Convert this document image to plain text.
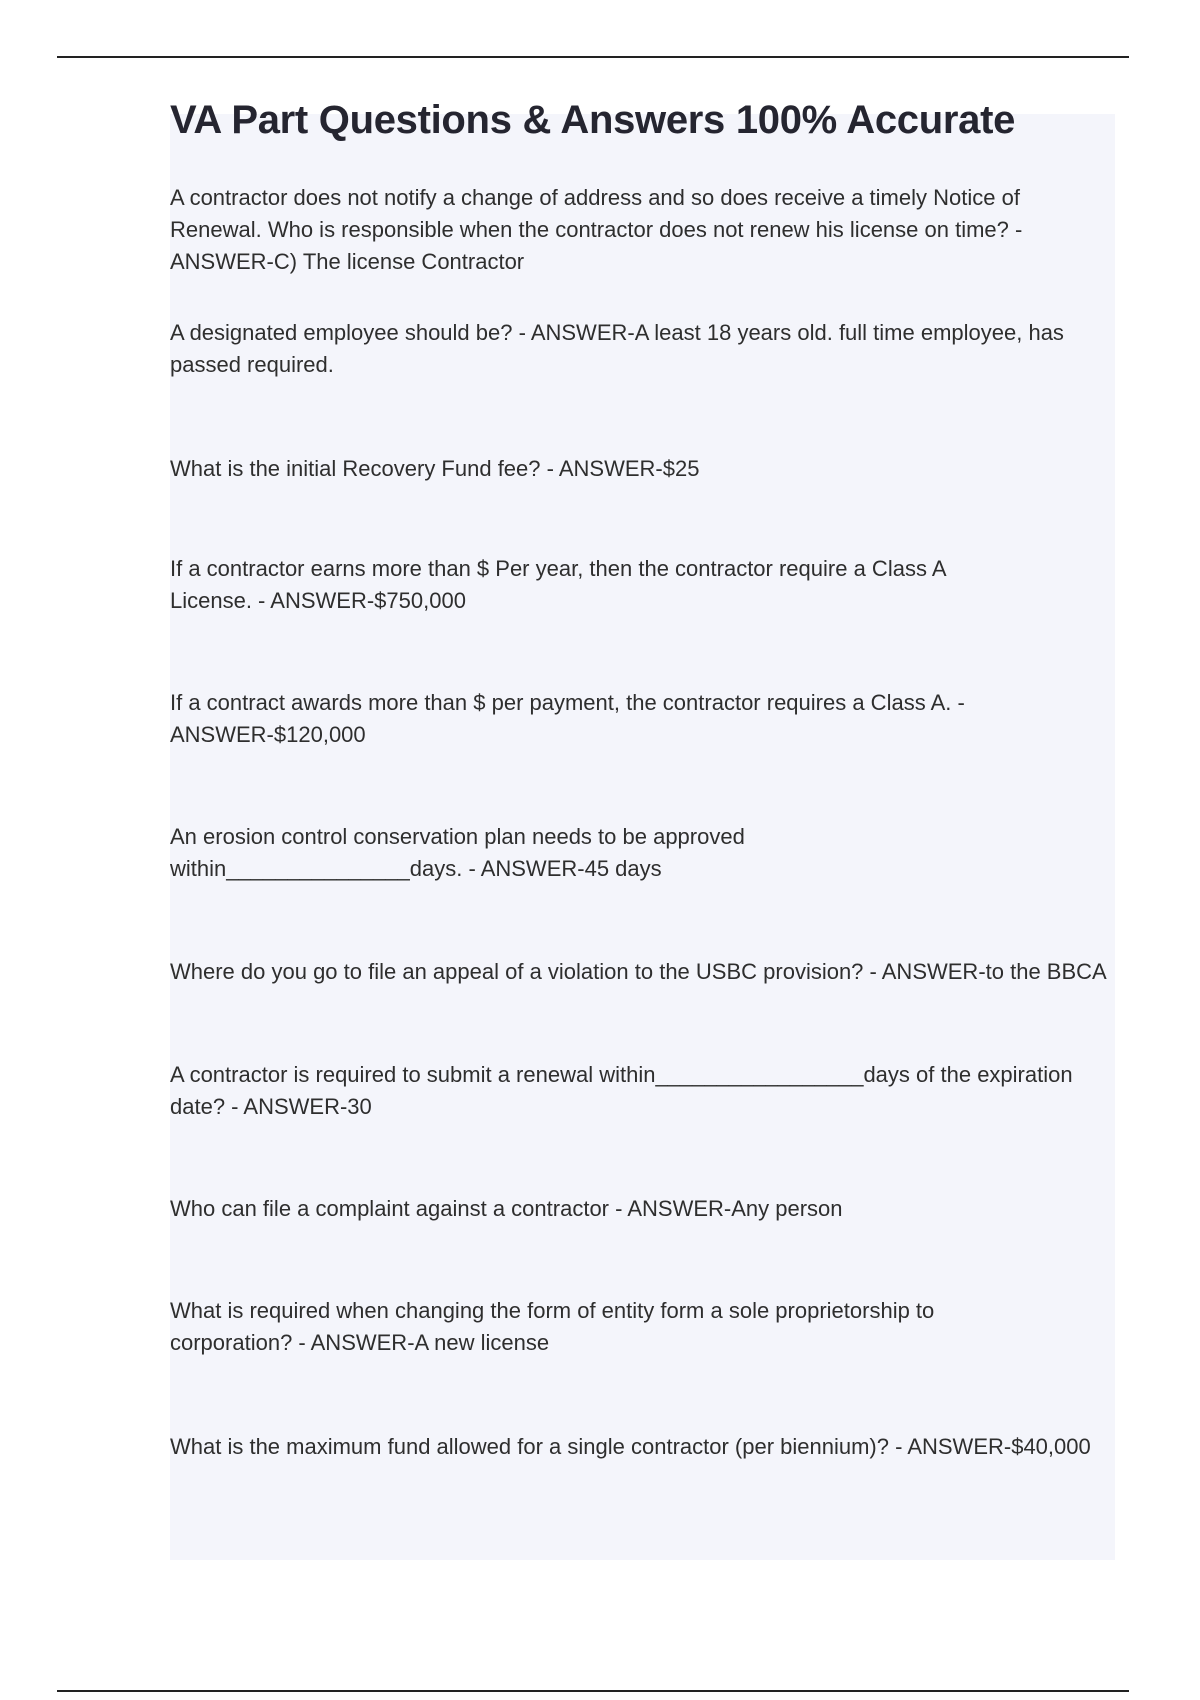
VA Part Questions & Answers 100% Accurate

A contractor does not notify a change of address and so does receive a timely Notice of Renewal. Who is responsible when the contractor does not renew his license on time? - ANSWER-C) The license Contractor

A designated employee should be? - ANSWER-A least 18 years old. full time employee, has passed required.

What is the initial Recovery Fund fee? - ANSWER-$25

If a contractor earns more than $ Per year, then the contractor require a Class A License. - ANSWER-$750,000

If a contract awards more than $ per payment, the contractor requires a Class A. - ANSWER-$120,000

An erosion control conservation plan needs to be approved within_______________days. - ANSWER-45 days

Where do you go to file an appeal of a violation to the USBC provision? - ANSWER-to the BBCA

A contractor is required to submit a renewal within_________________days of the expiration date? - ANSWER-30

Who can file a complaint against a contractor - ANSWER-Any person

What is required when changing the form of entity form a sole proprietorship to corporation? - ANSWER-A new license

What is the maximum fund allowed for a single contractor (per biennium)? - ANSWER-$40,000
